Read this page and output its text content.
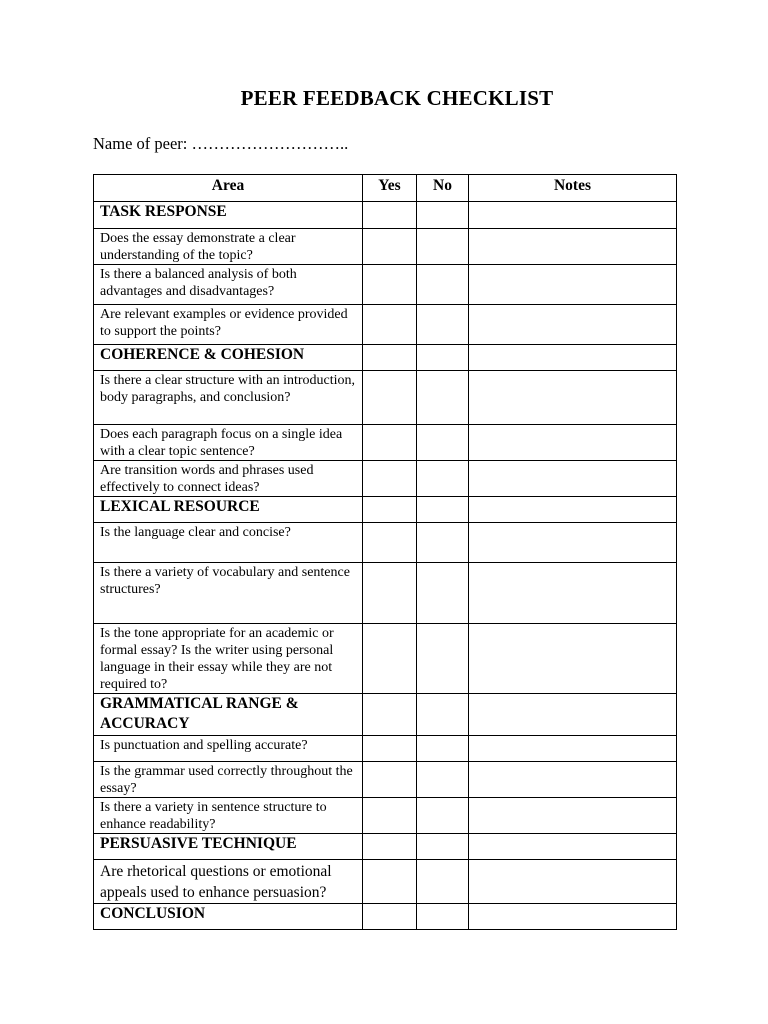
PEER FEEDBACK CHECKLIST
Name of peer: ………………………..
Area	Yes	No	Notes
TASK RESPONSE			
Does the essay demonstrate a clear understanding of the topic?			
Is there a balanced analysis of both advantages and disadvantages?			
Are relevant examples or evidence provided to support the points?			
COHERENCE & COHESION			
Is there a clear structure with an introduction, body paragraphs, and conclusion?			
Does each paragraph focus on a single idea with a clear topic sentence?			
Are transition words and phrases used effectively to connect ideas?			
LEXICAL RESOURCE			
Is the language clear and concise?			
Is there a variety of vocabulary and sentence structures?			
Is the tone appropriate for an academic or formal essay? Is the writer using personal language in their essay while they are not required to?			
GRAMMATICAL RANGE & ACCURACY			
Is punctuation and spelling accurate?			
Is the grammar used correctly throughout the essay?			
Is there a variety in sentence structure to enhance readability?			
PERSUASIVE TECHNIQUE			
Are rhetorical questions or emotional appeals used to enhance persuasion?			
CONCLUSION			
